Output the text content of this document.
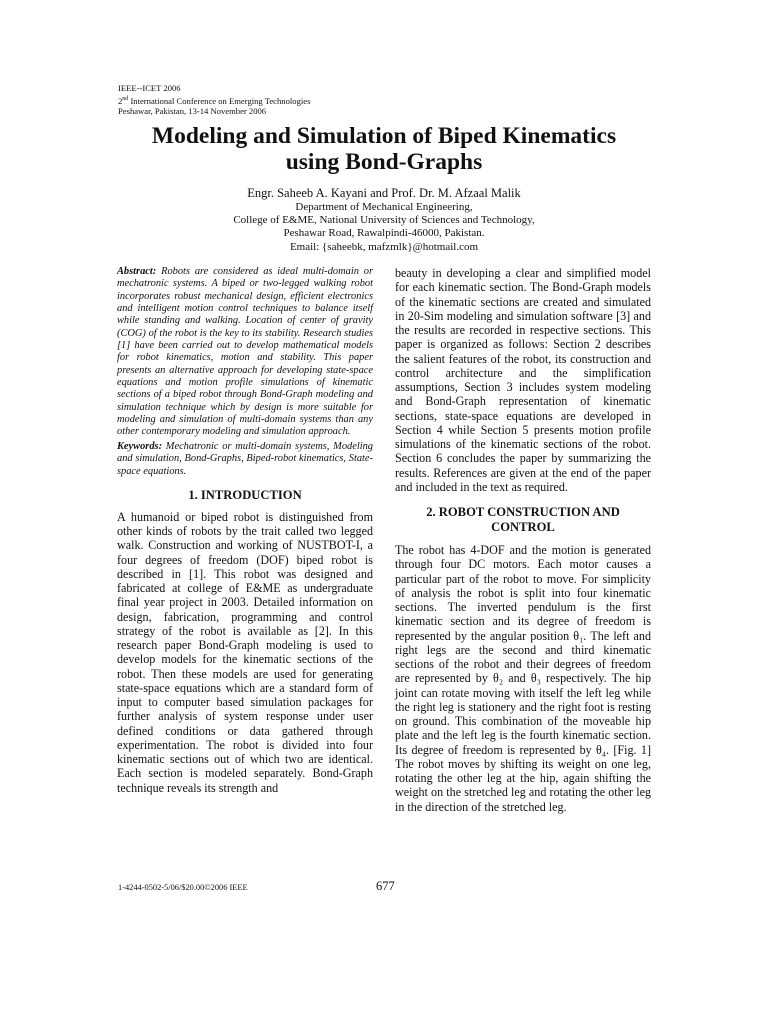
IEEE--ICET 2006
2nd International Conference on Emerging Technologies
Peshawar, Pakistan, 13-14 November 2006
Modeling and Simulation of Biped Kinematics
using Bond-Graphs
Engr. Saheeb A. Kayani and Prof. Dr. M. Afzaal Malik
Department of Mechanical Engineering,
College of E&ME, National University of Sciences and Technology,
Peshawar Road, Rawalpindi-46000, Pakistan.
Email: {saheebk, mafzmlk}@hotmail.com
Abstract: Robots are considered as ideal multi-domain or mechatronic systems. A biped or two-legged walking robot incorporates robust mechanical design, efficient electronics and intelligent motion control techniques to balance itself while standing and walking. Location of center of gravity (COG) of the robot is the key to its stability. Research studies [1] have been carried out to develop mathematical models for robot kinematics, motion and stability. This paper presents an alternative approach for developing state-space equations and motion profile simulations of kinematic sections of a biped robot through Bond-Graph modeling and simulation technique which by design is more suitable for modeling and simulation of multi-domain systems than any other contemporary modeling and simulation approach.
Keywords: Mechatronic or multi-domain systems, Modeling and simulation, Bond-Graphs, Biped-robot kinematics, State-space equations.
1. INTRODUCTION
A humanoid or biped robot is distinguished from other kinds of robots by the trait called two legged walk. Construction and working of NUSTBOT-I, a four degrees of freedom (DOF) biped robot is described in [1]. This robot was designed and fabricated at college of E&ME as undergraduate final year project in 2003. Detailed information on design, fabrication, programming and control strategy of the robot is available as [2]. In this research paper Bond-Graph modeling is used to develop models for the kinematic sections of the robot. Then these models are used for generating state-space equations which are a standard form of input to computer based simulation packages for further analysis of system response under user defined conditions or data gathered through experimentation. The robot is divided into four kinematic sections out of which two are identical. Each section is modeled separately. Bond-Graph technique reveals its strength and

beauty in developing a clear and simplified model for each kinematic section. The Bond-Graph models of the kinematic sections are created and simulated in 20-Sim modeling and simulation software [3] and the results are recorded in respective sections. This paper is organized as follows: Section 2 describes the salient features of the robot, its construction and control architecture and the simplification assumptions, Section 3 includes system modeling and Bond-Graph representation of kinematic sections, state-space equations are developed in Section 4 while Section 5 presents motion profile simulations of the kinematic sections of the robot. Section 6 concludes the paper by summarizing the results. References are given at the end of the paper and included in the text as required.

2. ROBOT CONSTRUCTION AND
CONTROL
The robot has 4-DOF and the motion is generated through four DC motors. Each motor causes a particular part of the robot to move. For simplicity of analysis the robot is split into four kinematic sections. The inverted pendulum is the first kinematic section and its degree of freedom is represented by the angular position θ₁. The left and right legs are the second and third kinematic sections of the robot and their degrees of freedom are represented by θ₂ and θ₃ respectively. The hip joint can rotate moving with itself the left leg while the right leg is stationery and the right foot is resting on ground. This combination of the moveable hip plate and the left leg is the fourth kinematic section. Its degree of freedom is represented by θ₄. [Fig. 1] The robot moves by shifting its weight on one leg, rotating the other leg at the hip, again shifting the weight on the stretched leg and rotating the other leg in the direction of the stretched leg.
1-4244-0502-5/06/$20.00©2006 IEEE	677
